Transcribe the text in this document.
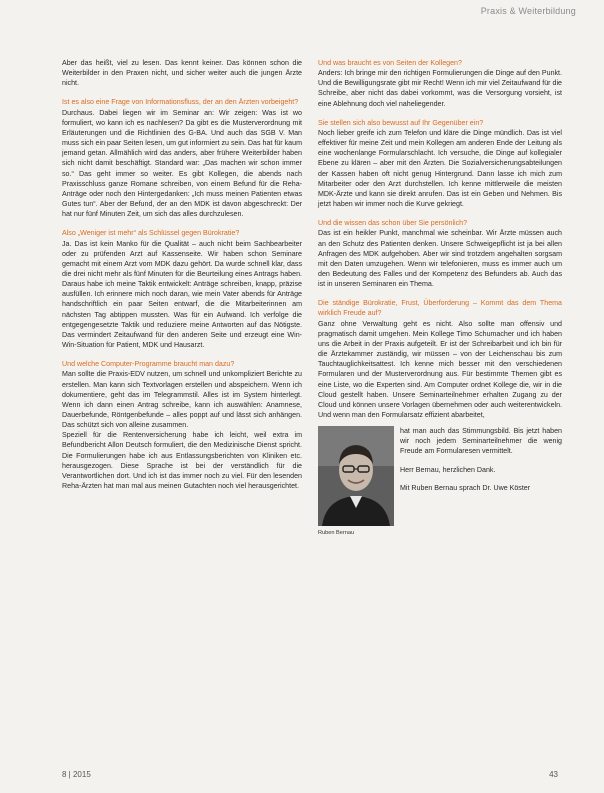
Praxis & Weiterbildung

Aber das heißt, viel zu lesen. Das kennt keiner. Das können schon die Weiterbilder in den Praxen nicht, und sicher weiter auch die jungen Ärzte nicht.

Ist es also eine Frage von Informationsfluss, der an den Ärzten vorbeigeht?

Durchaus. Dabei liegen wir im Seminar an: Wir zeigen: Was ist wo formuliert, wo kann ich es nachlesen? Da gibt es die Musterverordnung mit Erläuterungen und die Richtlinien des G-BA. Und auch das SGB V. Man muss sich ein paar Seiten lesen, um gut informiert zu sein. Das hat für kaum jemand getan. Allmählich wird das anders, aber frühere Weiterbilder haben sich nicht damit beschäftigt. Standard war: „Das machen wir schon immer so.“ Das geht immer so weiter. Es gibt Kollegen, die abends nach Praxisschluss ganze Romane schreiben, von einem Befund für die Reha-Anträge oder noch den Hintergedanken: „Ich muss meinen Patienten etwas Gutes tun“. Aber der Befund, der an den MDK ist davon abgeschreckt: Der hat nur fünf Minuten Zeit, um sich das alles durchzulesen.

Also „Weniger ist mehr“ als Schlüssel gegen Bürokratie?

Ja. Das ist kein Manko für die Qualität – auch nicht beim Sachbearbeiter oder zu prüfenden Arzt auf Kassenseite. Wir haben schon Seminare gemacht mit einem Arzt vom MDK dazu gehört. Da wurde schnell klar, dass die drei nicht mehr als fünf Minuten für die Beurteilung eines Antrags haben. Daraus habe ich meine Taktik entwickelt: Anträge schreiben, knapp, präzise ausfüllen. Ich erinnere mich noch daran, wie mein Vater abends für Anträge handschriftlich ein paar Seiten entwarf, die die Mitarbeiterinnen am nächsten Tag abtippen mussten. Was für ein Aufwand. Ich verfolge die entgegengesetzte Taktik und reduziere meine Antworten auf das Nötigste. Das vermindert Zeitaufwand für den anderen Seite und erzeugt eine Win-Win-Situation für Patient, MDK und Hausarzt.

Und welche Computer-Programme braucht man dazu?

Man sollte die Praxis-EDV nutzen, um schnell und unkompliziert Berichte zu erstellen. Man kann sich Textvorlagen erstellen und abspeichern. Wenn ich dokumentiere, geht das im Telegrammstil. Alles ist im System hinterlegt. Wenn ich dann einen Antrag schreibe, kann ich auswählen: Anamnese, Dauerbefunde, Röntgenbefunde – alles poppt auf und lässt sich anhängen. Das schützt sich von alleine zusammen.

Speziell für die Rentenversicherung habe ich leicht, weil extra im Befundbericht Allon Deutsch formuliert, die den Medizinische Dienst spricht. Die Formulierungen habe ich aus Entlassungsberichten von Kliniken etc. herausgezogen. Diese Sprache ist bei der verständlich für die Verantwortlichen dort. Und ich ist das immer noch zu viel. Für den lesenden Reha-Ärzten hat man mal aus meinen Gutachten noch viel herausgerichtet.

Und was braucht es von Seiten der Kollegen?

Anders: Ich bringe mir den richtigen Formulierungen die Dinge auf den Punkt. Und die Bewilligungsrate gibt mir Recht! Wenn ich mir viel Zeitaufwand für die Schreibe, aber nicht das dabei vorkommt, was die Versorgung vorsieht, ist eine Ablehnung doch viel naheliegender.

Sie stellen sich also bewusst auf Ihr Gegenüber ein?

Noch lieber greife ich zum Telefon und kläre die Dinge mündlich. Das ist viel effektiver für meine Zeit und mein Kollegen am anderen Ende der Leitung als eine wochenlange Formularschlacht. Ich versuche, die Dinge auf kollegialer Ebene zu klären – aber mit den Ärzten. Die Sozialversicherungsabteilungen der Kassen haben oft nicht genug Hintergrund. Dann lasse ich mich zum Mitarbeiter oder den Arzt durchstellen. Ich kenne mittlerweile die meisten MDK-Ärzte und kann sie direkt anrufen. Das ist ein Geben und Nehmen. Bis jetzt haben wir immer noch die Kurve gekriegt.

Und die wissen das schon über Sie persönlich?

Das ist ein heikler Punkt, manchmal wie scheinbar. Wir Ärzte müssen auch an den Schutz des Patienten denken. Unsere Schweigepflicht ist ja bei allen Anfragen des MDK aufgehoben. Aber wir sind trotzdem angehalten sorgsam mit den Daten umzugehen. Wenn wir telefonieren, muss es immer auch um den Bedeutung des Falles und der Kompetenz des Befunders ab. Auch das ist in unseren Seminaren ein Thema.

Die ständige Bürokratie, Frust, Überforderung – Kommt das dem Thema wirklich Freude auf?

Ganz ohne Verwaltung geht es nicht. Also sollte man offensiv und pragmatisch damit umgehen. Mein Kollege Timo Schumacher und ich haben uns die Arbeit in der Praxis aufgeteilt. Er ist der Schreibarbeit und ich bin für die Ärztekammer zuständig, wir müssen – von der Leichenschau bis zum Tauchtauglichkeitsattest. Ich kenne mich besser mit den verschiedenen Formularen und der Musterverordnung aus. Für bestimmte Themen gibt es eine Liste, wo die Experten sind. Am Computer ordnet Kollege die, wir in die Cloud gestellt haben. Unsere Seminarteilnehmer erhalten Zugang zu der Cloud und können unsere Vorlagen übernehmen oder auch weiterentwickeln. Und wenn man den Formularsatz effizient abarbeitet,

Ruben Bernau

hat man auch das Stimmungsbild. Bis jetzt haben wir noch jedem Seminarteilnehmer die wenig Freude am Formularesen vermittelt.

Herr Bernau, herzlichen Dank.

Mit Ruben Bernau sprach Dr. Uwe Köster

8 | 2015	43
